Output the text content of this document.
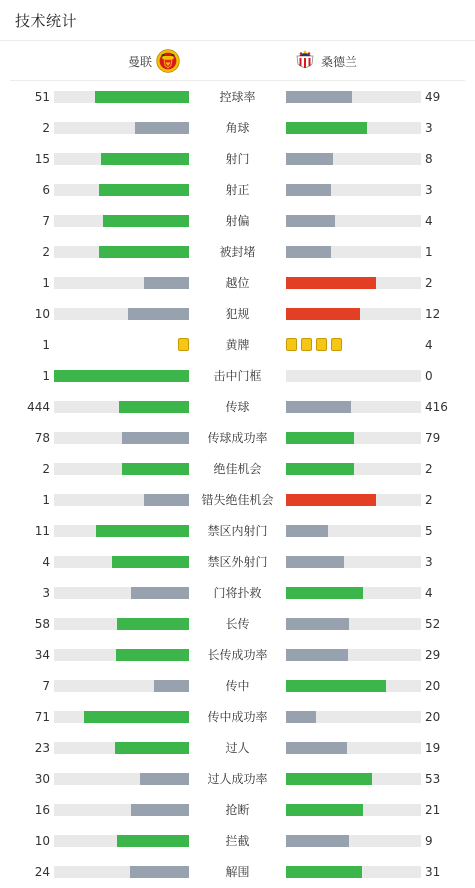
技术统计
曼联	桑德兰
51	控球率	49
2	角球	3
15	射门	8
6	射正	3
7	射偏	4
2	被封堵	1
1	越位	2
10	犯规	12
1	黄牌	4
1	击中门框	0
444	传球	416
78	传球成功率	79
2	绝佳机会	2
1	错失绝佳机会	2
11	禁区内射门	5
4	禁区外射门	3
3	门将扑救	4
58	长传	52
34	长传成功率	29
7	传中	20
71	传中成功率	20
23	过人	19
30	过人成功率	53
16	抢断	21
10	拦截	9
24	解围	31
